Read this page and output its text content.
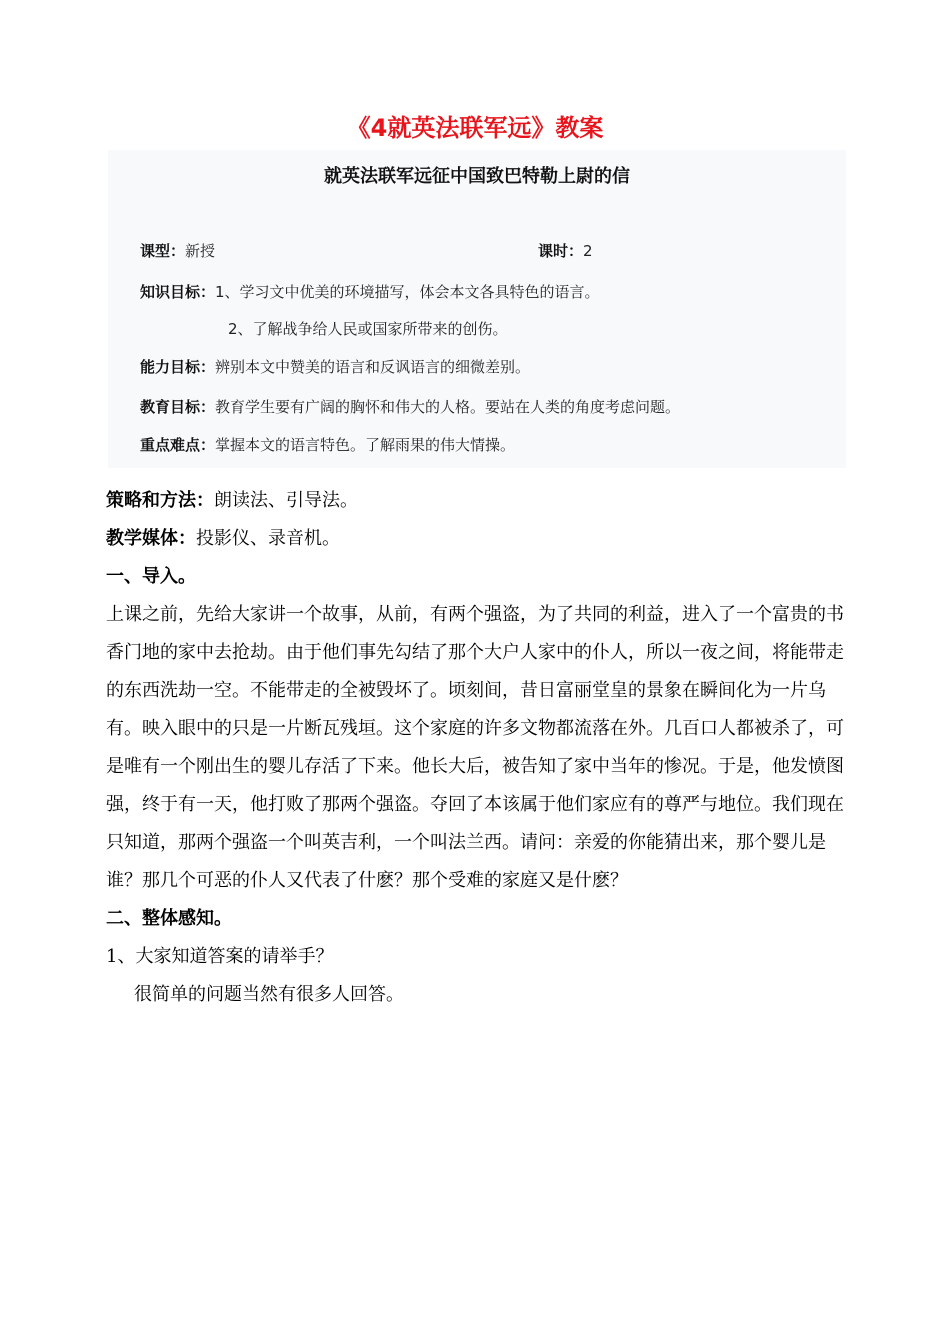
《4就英法联军远》教案
就英法联军远征中国致巴特勒上尉的信
课型：新授	课时：2
知识目标：1、学习文中优美的环境描写，体会本文各具特色的语言。
2、了解战争给人民或国家所带来的创伤。
能力目标：辨别本文中赞美的语言和反讽语言的细微差别。
教育目标：教育学生要有广阔的胸怀和伟大的人格。要站在人类的角度考虑问题。
重点难点：掌握本文的语言特色。了解雨果的伟大情操。
策略和方法：朗读法、引导法。
教学媒体：投影仪、录音机。
一、导入。
上课之前，先给大家讲一个故事，从前，有两个强盗，为了共同的利益，进入了一个富贵的书香门地的家中去抢劫。由于他们事先勾结了那个大户人家中的仆人，所以一夜之间，将能带走的东西洗劫一空。不能带走的全被毁坏了。顷刻间，昔日富丽堂皇的景象在瞬间化为一片乌有。映入眼中的只是一片断瓦残垣。这个家庭的许多文物都流落在外。几百口人都被杀了，可是唯有一个刚出生的婴儿存活了下来。他长大后，被告知了家中当年的惨况。于是，他发愤图强，终于有一天，他打败了那两个强盗。夺回了本该属于他们家应有的尊严与地位。我们现在只知道，那两个强盗一个叫英吉利，一个叫法兰西。请问：亲爱的你能猜出来，那个婴儿是谁？那几个可恶的仆人又代表了什麽？那个受难的家庭又是什麽？
二、整体感知。
1、大家知道答案的请举手？
很简单的问题当然有很多人回答。
